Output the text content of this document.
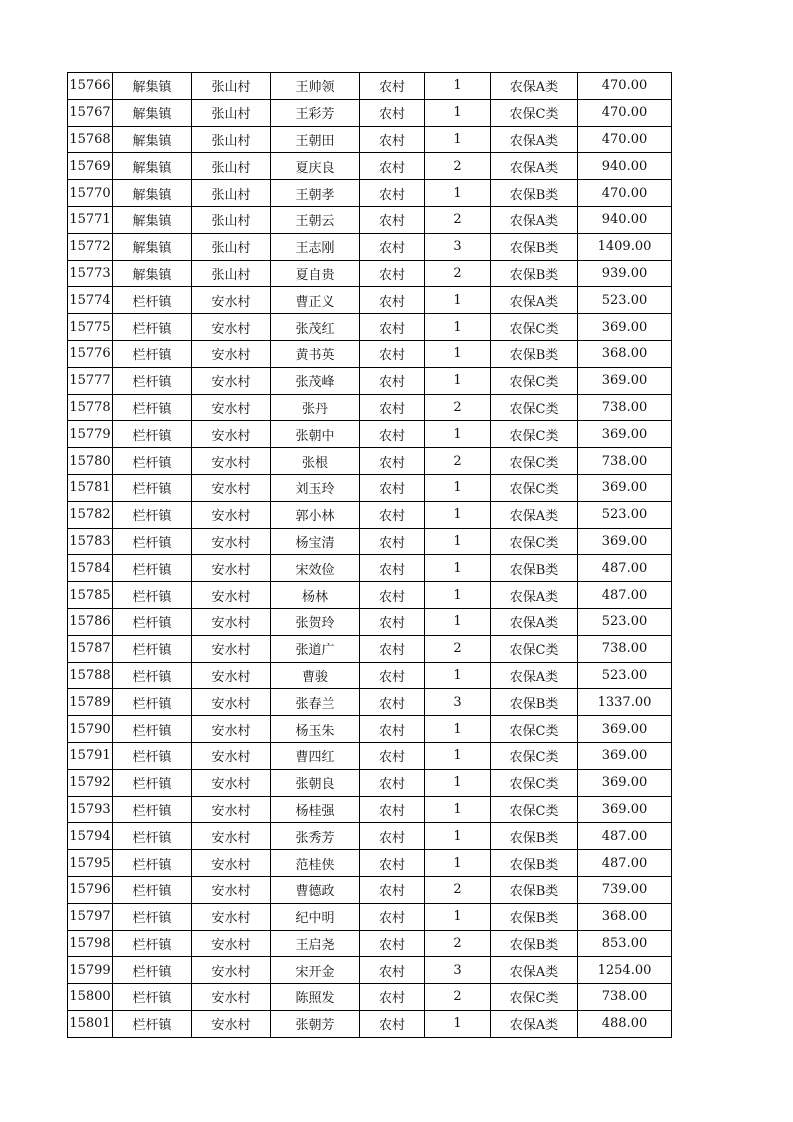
15766	解集镇	张山村	王帅领	农村	1	农保A类	470.00
15767	解集镇	张山村	王彩芳	农村	1	农保C类	470.00
15768	解集镇	张山村	王朝田	农村	1	农保A类	470.00
15769	解集镇	张山村	夏庆良	农村	2	农保A类	940.00
15770	解集镇	张山村	王朝孝	农村	1	农保B类	470.00
15771	解集镇	张山村	王朝云	农村	2	农保A类	940.00
15772	解集镇	张山村	王志刚	农村	3	农保B类	1409.00
15773	解集镇	张山村	夏自贵	农村	2	农保B类	939.00
15774	栏杆镇	安水村	曹正义	农村	1	农保A类	523.00
15775	栏杆镇	安水村	张茂红	农村	1	农保C类	369.00
15776	栏杆镇	安水村	黄书英	农村	1	农保B类	368.00
15777	栏杆镇	安水村	张茂峰	农村	1	农保C类	369.00
15778	栏杆镇	安水村	张丹	农村	2	农保C类	738.00
15779	栏杆镇	安水村	张朝中	农村	1	农保C类	369.00
15780	栏杆镇	安水村	张根	农村	2	农保C类	738.00
15781	栏杆镇	安水村	刘玉玲	农村	1	农保C类	369.00
15782	栏杆镇	安水村	郭小林	农村	1	农保A类	523.00
15783	栏杆镇	安水村	杨宝清	农村	1	农保C类	369.00
15784	栏杆镇	安水村	宋效俭	农村	1	农保B类	487.00
15785	栏杆镇	安水村	杨林	农村	1	农保A类	487.00
15786	栏杆镇	安水村	张贺玲	农村	1	农保A类	523.00
15787	栏杆镇	安水村	张道广	农村	2	农保C类	738.00
15788	栏杆镇	安水村	曹骏	农村	1	农保A类	523.00
15789	栏杆镇	安水村	张春兰	农村	3	农保B类	1337.00
15790	栏杆镇	安水村	杨玉朱	农村	1	农保C类	369.00
15791	栏杆镇	安水村	曹四红	农村	1	农保C类	369.00
15792	栏杆镇	安水村	张朝良	农村	1	农保C类	369.00
15793	栏杆镇	安水村	杨桂强	农村	1	农保C类	369.00
15794	栏杆镇	安水村	张秀芳	农村	1	农保B类	487.00
15795	栏杆镇	安水村	范桂侠	农村	1	农保B类	487.00
15796	栏杆镇	安水村	曹德政	农村	2	农保B类	739.00
15797	栏杆镇	安水村	纪中明	农村	1	农保B类	368.00
15798	栏杆镇	安水村	王启尧	农村	2	农保B类	853.00
15799	栏杆镇	安水村	宋开金	农村	3	农保A类	1254.00
15800	栏杆镇	安水村	陈照发	农村	2	农保C类	738.00
15801	栏杆镇	安水村	张朝芳	农村	1	农保A类	488.00
